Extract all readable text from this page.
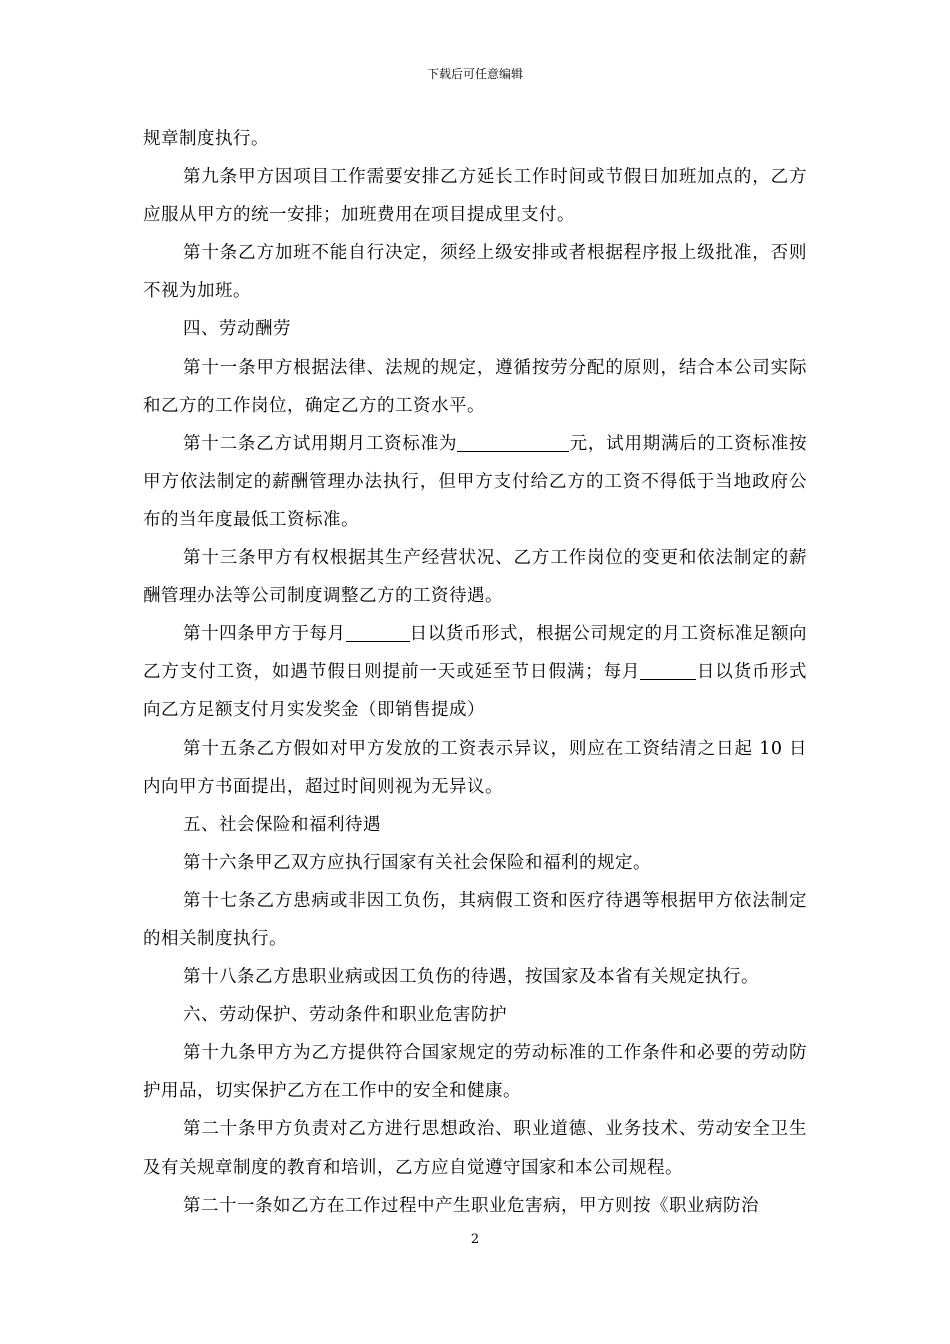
下载后可任意编辑

规章制度执行。

第九条甲方因项目工作需要安排乙方延长工作时间或节假日加班加点的，乙方应服从甲方的统一安排；加班费用在项目提成里支付。

第十条乙方加班不能自行决定，须经上级安排或者根据程序报上级批准，否则不视为加班。

四、劳动酬劳

第十一条甲方根据法律、法规的规定，遵循按劳分配的原则，结合本公司实际和乙方的工作岗位，确定乙方的工资水平。

第十二条乙方试用期月工资标准为	元，试用期满后的工资标准按甲方依法制定的薪酬管理办法执行，但甲方支付给乙方的工资不得低于当地政府公布的当年度最低工资标准。

第十三条甲方有权根据其生产经营状况、乙方工作岗位的变更和依法制定的薪酬管理办法等公司制度调整乙方的工资待遇。

第十四条甲方于每月	日以货币形式，根据公司规定的月工资标准足额向乙方支付工资，如遇节假日则提前一天或延至节日假满；每月	日以货币形式向乙方足额支付月实发奖金（即销售提成）

第十五条乙方假如对甲方发放的工资表示异议，则应在工资结清之日起 10 日内向甲方书面提出，超过时间则视为无异议。

五、社会保险和福利待遇

第十六条甲乙双方应执行国家有关社会保险和福利的规定。

第十七条乙方患病或非因工负伤，其病假工资和医疗待遇等根据甲方依法制定的相关制度执行。

第十八条乙方患职业病或因工负伤的待遇，按国家及本省有关规定执行。

六、劳动保护、劳动条件和职业危害防护

第十九条甲方为乙方提供符合国家规定的劳动标准的工作条件和必要的劳动防护用品，切实保护乙方在工作中的安全和健康。

第二十条甲方负责对乙方进行思想政治、职业道德、业务技术、劳动安全卫生及有关规章制度的教育和培训，乙方应自觉遵守国家和本公司规程。

第二十一条如乙方在工作过程中产生职业危害病，甲方则按《职业病防治

2
